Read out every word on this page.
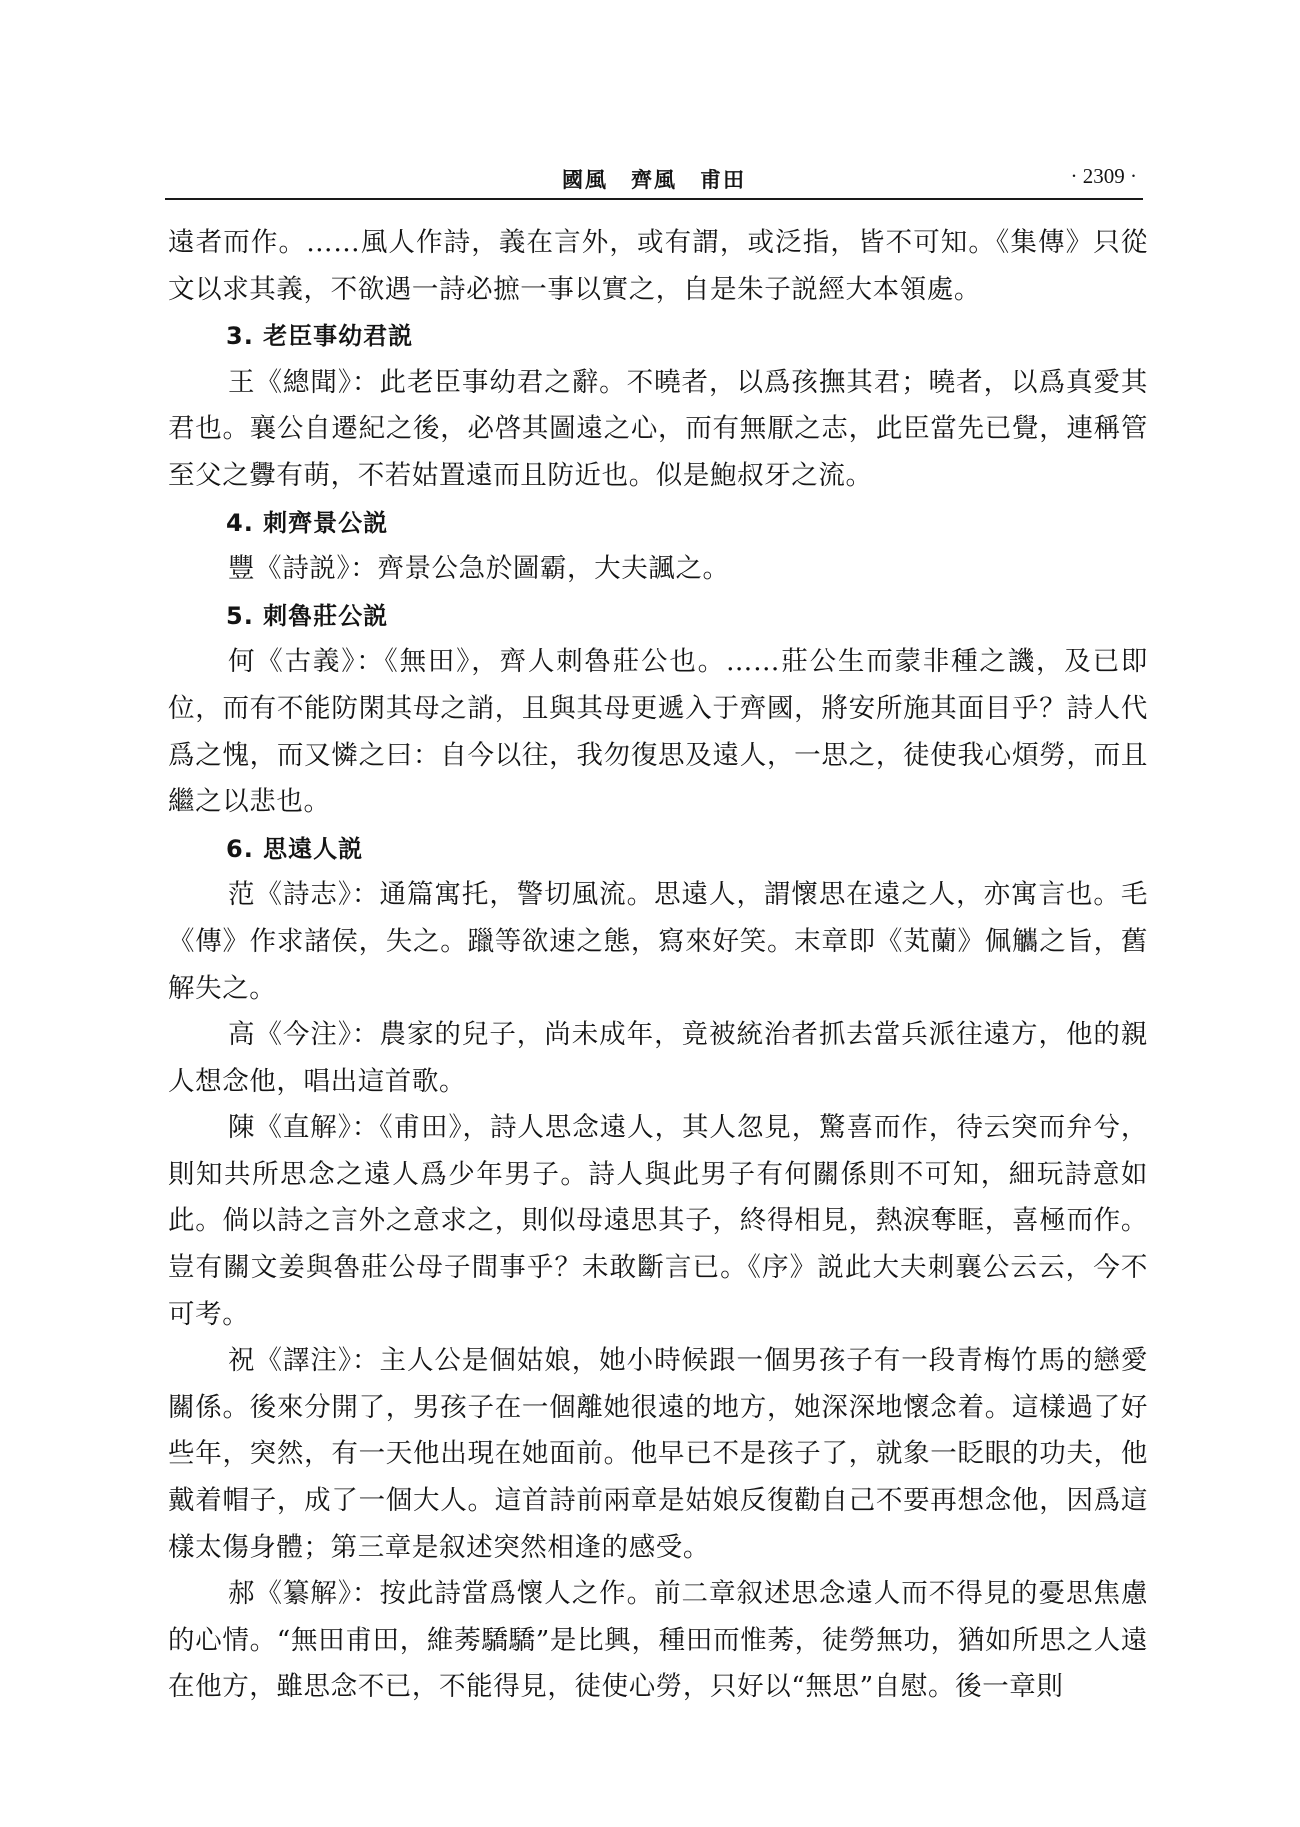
國風　齊風　甫田	· 2309 ·

遠者而作。……風人作詩，義在言外，或有謂，或泛指，皆不可知。《集傳》只從文以求其義，不欲遇一詩必摭一事以實之，自是朱子説經大本領處。

3. 老臣事幼君説

王《總聞》：此老臣事幼君之辭。不曉者，以爲孩撫其君；曉者，以爲真愛其君也。襄公自遷紀之後，必啓其圖遠之心，而有無厭之志，此臣當先已覺，連稱管至父之釁有萌，不若姑置遠而且防近也。似是鮑叔牙之流。

4. 刺齊景公説

豐《詩説》：齊景公急於圖霸，大夫諷之。

5. 刺魯莊公説

何《古義》：《無田》，齊人刺魯莊公也。……莊公生而蒙非種之譏，及已即位，而有不能防閑其母之誚，且與其母更遞入于齊國，將安所施其面目乎？詩人代爲之愧，而又憐之曰：自今以往，我勿復思及遠人，一思之，徒使我心煩勞，而且繼之以悲也。

6. 思遠人説

范《詩志》：通篇寓托，警切風流。思遠人，謂懷思在遠之人，亦寓言也。毛《傳》作求諸侯，失之。躐等欲速之態，寫來好笑。末章即《芄蘭》佩觿之旨，舊解失之。

高《今注》：農家的兒子，尚未成年，竟被統治者抓去當兵派往遠方，他的親人想念他，唱出這首歌。

陳《直解》：《甫田》，詩人思念遠人，其人忽見，驚喜而作，待云突而弁兮，則知共所思念之遠人爲少年男子。詩人與此男子有何關係則不可知，細玩詩意如此。倘以詩之言外之意求之，則似母遠思其子，終得相見，熱淚奪眶，喜極而作。豈有關文姜與魯莊公母子間事乎？未敢斷言已。《序》説此大夫刺襄公云云，今不可考。

祝《譯注》：主人公是個姑娘，她小時候跟一個男孩子有一段青梅竹馬的戀愛關係。後來分開了，男孩子在一個離她很遠的地方，她深深地懷念着。這樣過了好些年，突然，有一天他出現在她面前。他早已不是孩子了，就象一眨眼的功夫，他戴着帽子，成了一個大人。這首詩前兩章是姑娘反復勸自己不要再想念他，因爲這樣太傷身體；第三章是叙述突然相逢的感受。

郝《纂解》：按此詩當爲懷人之作。前二章叙述思念遠人而不得見的憂思焦慮的心情。“無田甫田，維莠驕驕”是比興，種田而惟莠，徒勞無功，猶如所思之人遠在他方，雖思念不已，不能得見，徒使心勞，只好以“無思”自慰。後一章則
